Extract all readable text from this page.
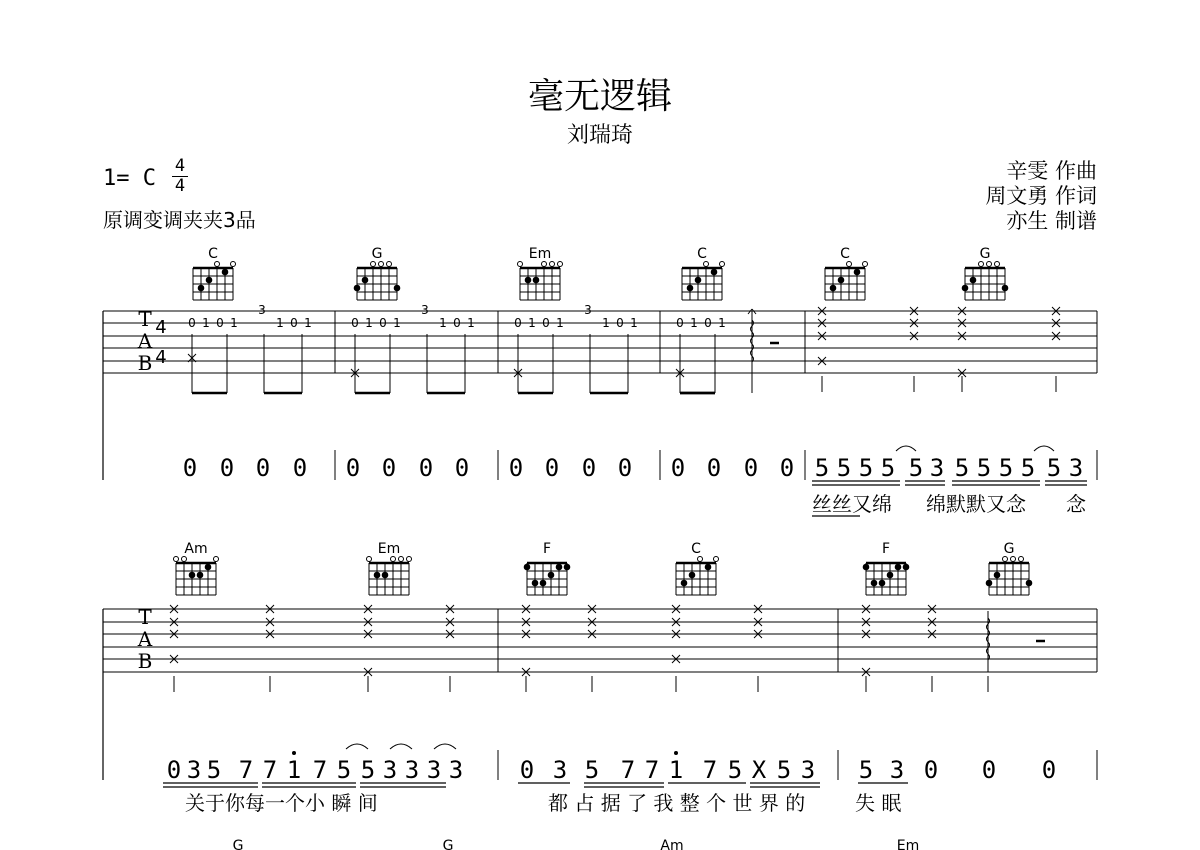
毫无逻辑
刘瑞琦
1= C 4
4
原调变调夹夹3品
辛雯 作曲
周文勇 作词
亦生 制谱
C	G	Em	C	C	G
T
A
B
4
4
0 1 0 1
3
1 0 1	0 1 0 1
3
1 0 1	0 1 0 1
3
1 0 1	0 1 0 1
0 0 0 0 0 0 0 0 0 0 0 0 0 0 0 0 5 5 5 5 5 3 5 5 5 5 5 3
丝丝又绵 绵默默又念 念
Am	Em	F	C	F	G
T
A
B
0 3 5 7 7 1 7 5 5 3 3 3 3 0 3 5 7 7 1 7 5 X 5 3 5 3 0 0 0
关于你每一个小 瞬 间	都 占 据 了 我 整 个 世 界 的 失 眠
G	G	Am	Em
